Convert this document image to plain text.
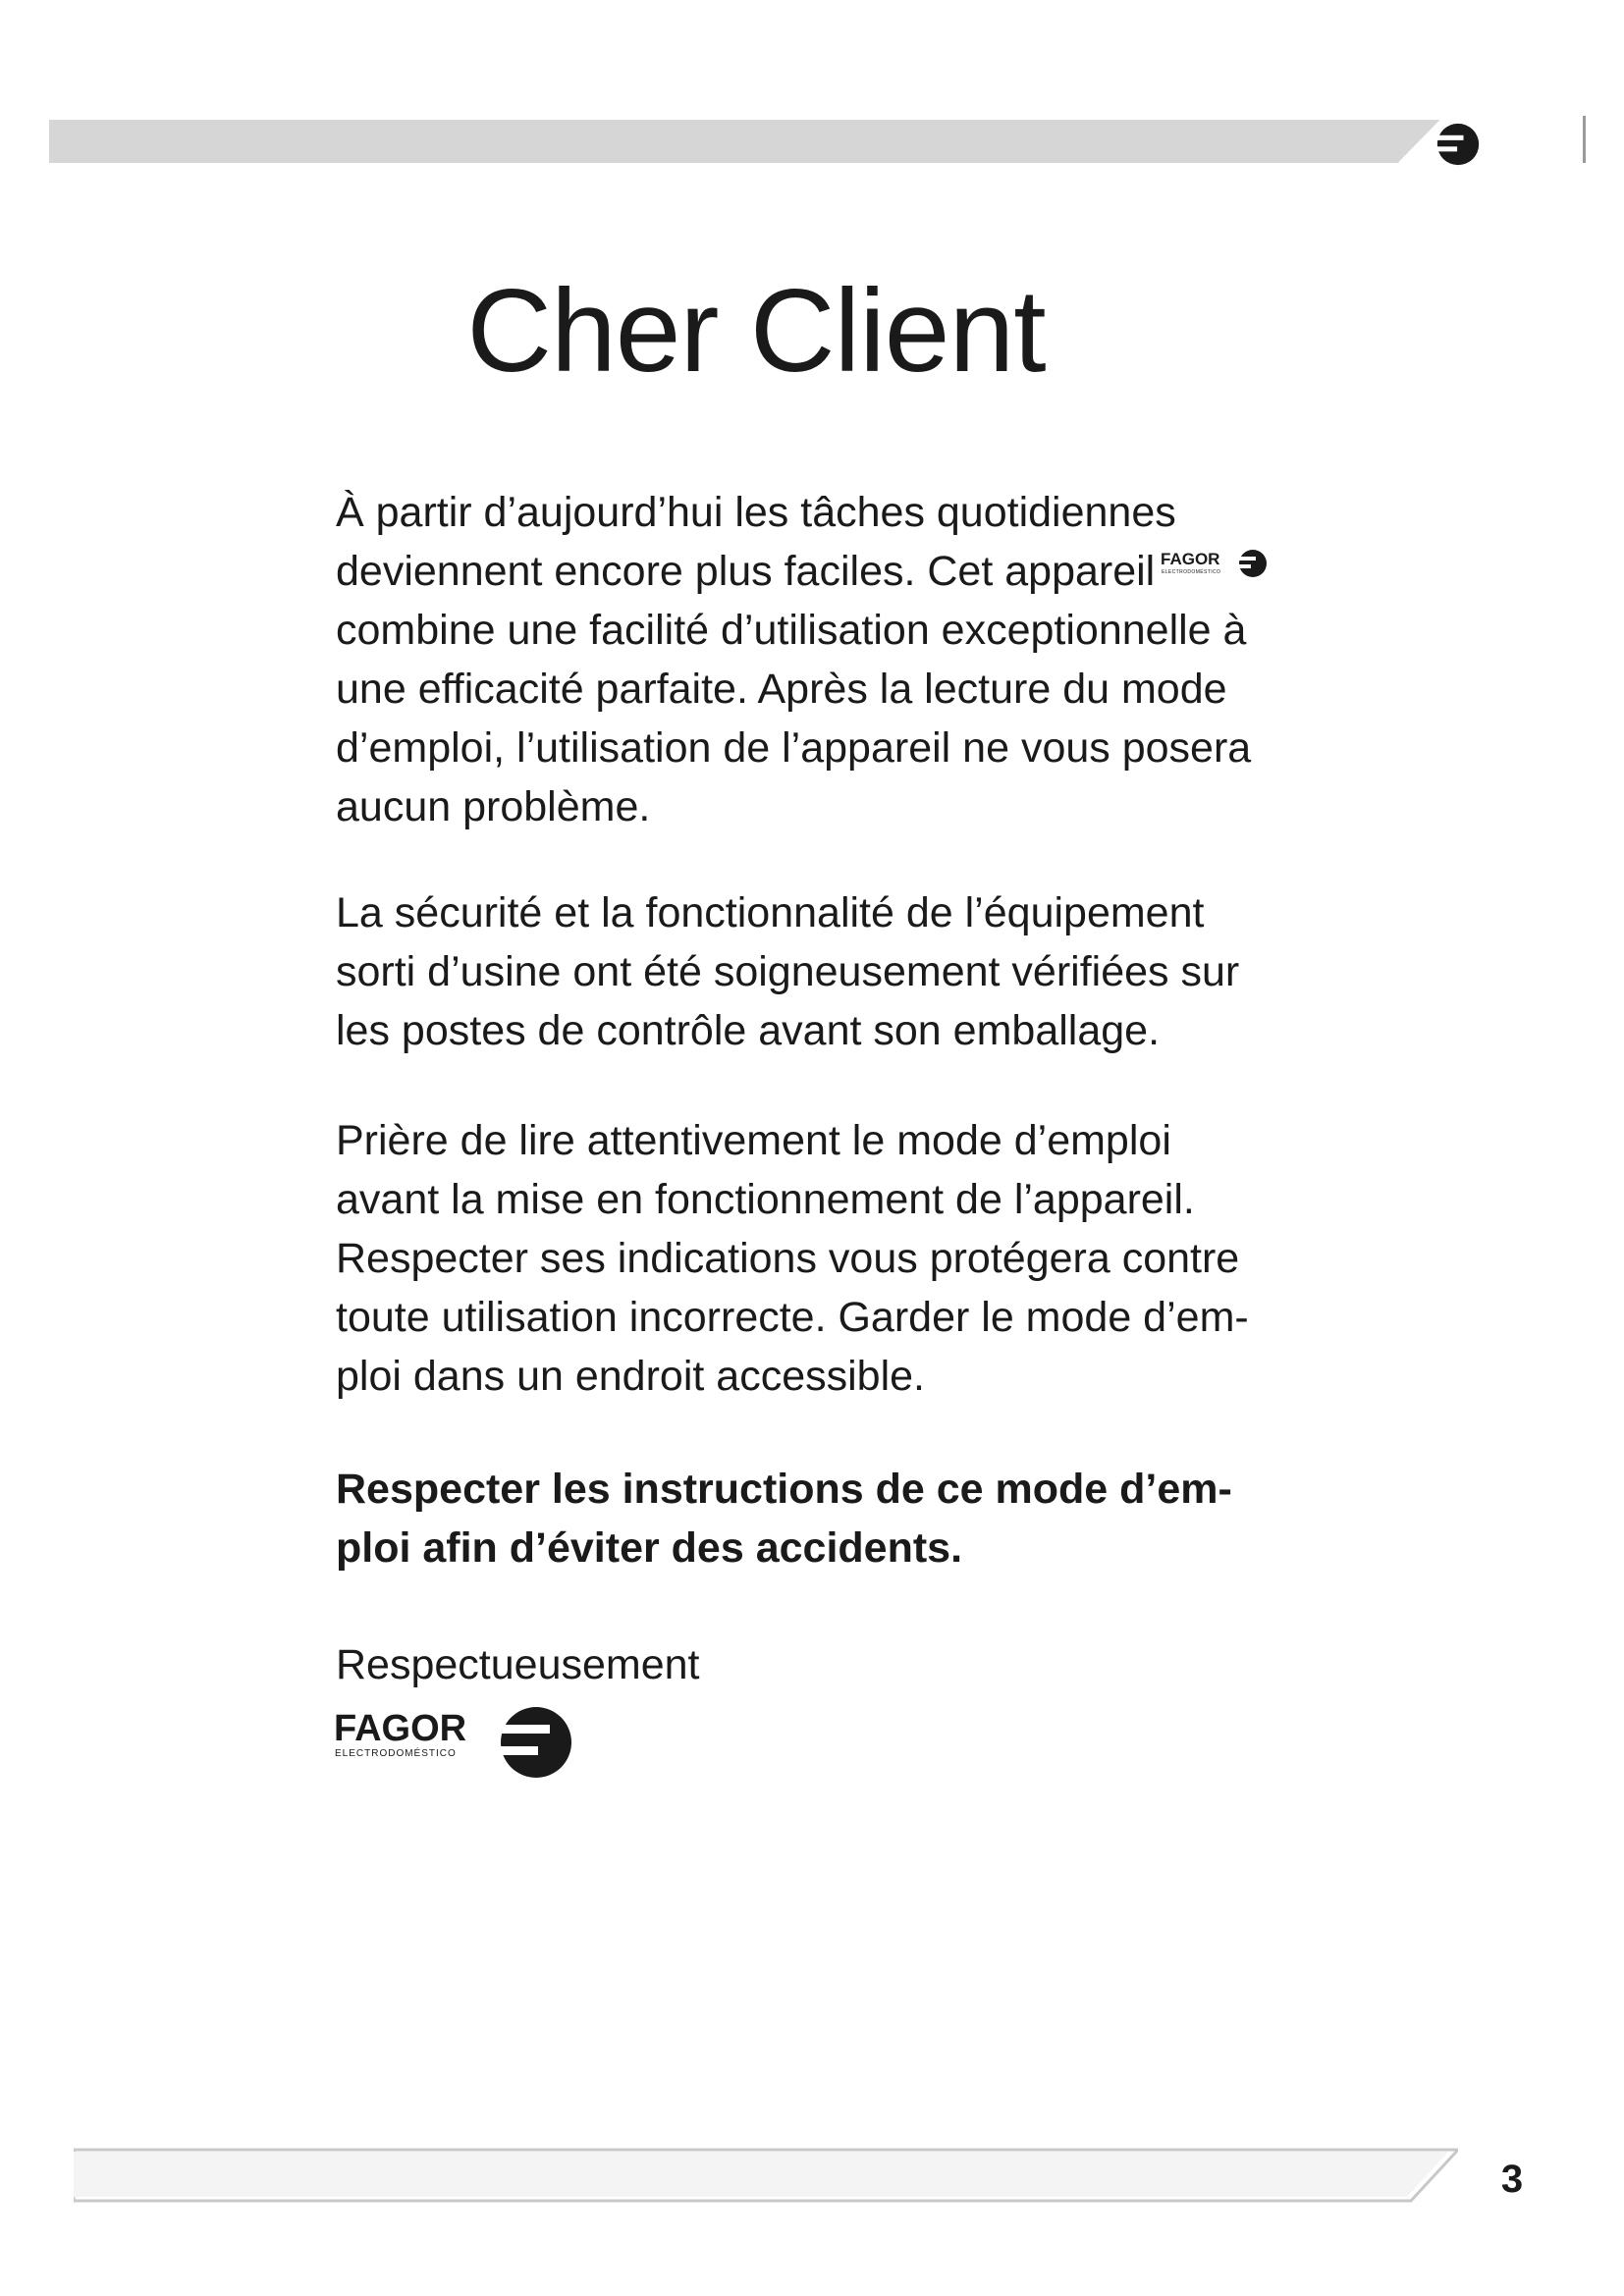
Cher Client

À partir d’aujourd’hui les tâches quotidiennes
deviennent encore plus faciles. Cet appareil FAGOR
ELECTRODOMÉSTICO
combine une facilité d’utilisation exceptionnelle à
une efficacité parfaite. Après la lecture du mode
d’emploi, l’utilisation de l’appareil ne vous posera
aucun problème.

La sécurité et la fonctionnalité de l’équipement
sorti d’usine ont été soigneusement vérifiées sur
les postes de contrôle avant son emballage.

Prière de lire attentivement le mode d’emploi
avant la mise en fonctionnement de l’appareil.
Respecter ses indications vous protégera contre
toute utilisation incorrecte. Garder le mode d’em-
ploi dans un endroit accessible.

Respecter les instructions de ce mode d’em-
ploi afin d’éviter des accidents.

Respectueusement

FAGOR
ELECTRODOMÉSTICO
3
